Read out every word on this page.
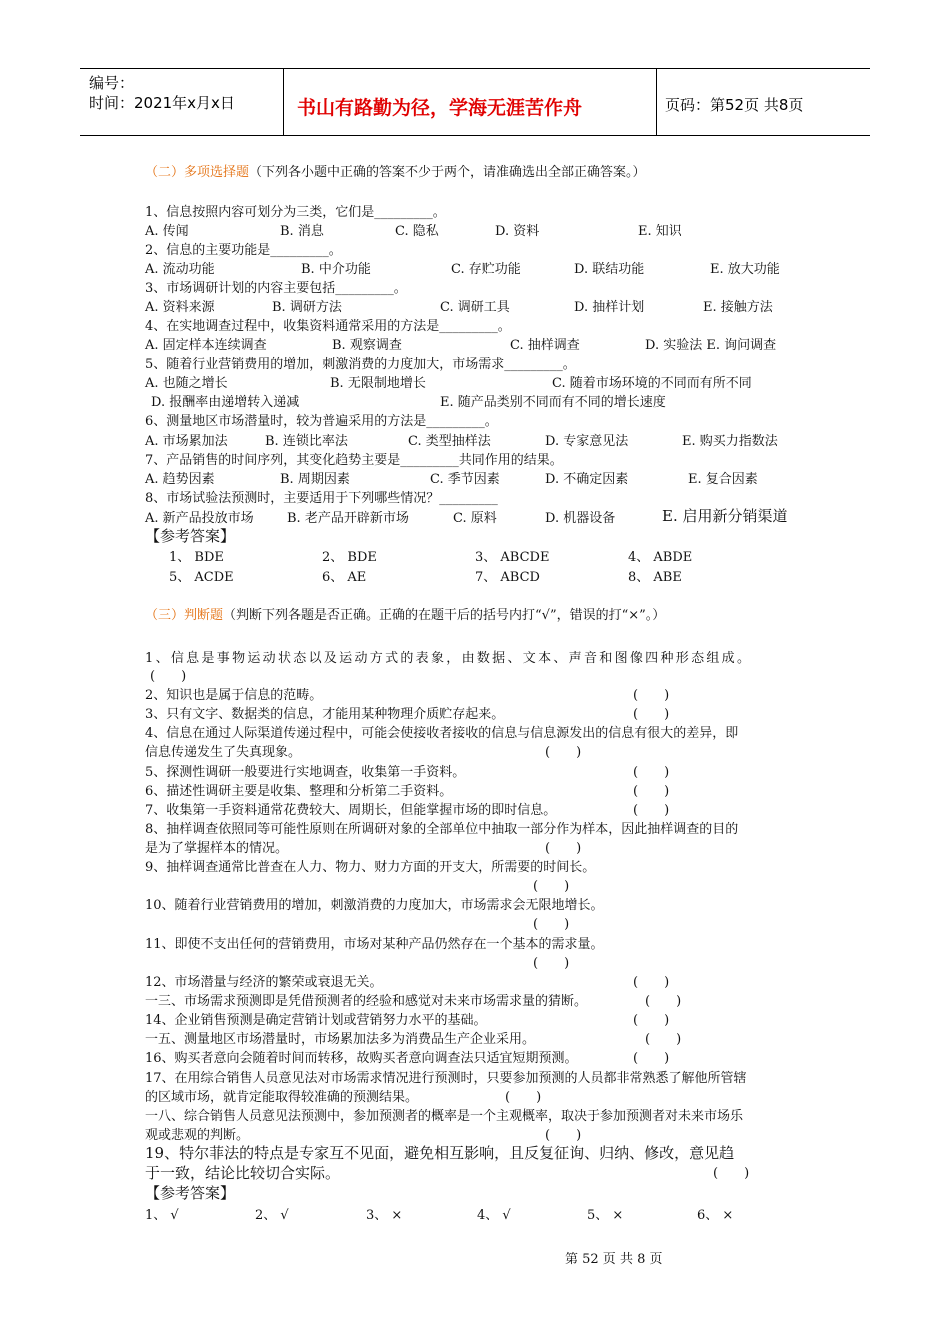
编号：
时间：2021年x月x日	书山有路勤为径，学海无涯苦作舟	页码：第52页 共8页
（二）多项选择题（下列各小题中正确的答案不少于两个，请准确选出全部正确答案。）
1、信息按照内容可划分为三类，它们是_________。
A. 传闻	B. 消息	C. 隐私	D. 资料	E. 知识
2、信息的主要功能是_________。
A. 流动功能	B. 中介功能	C. 存贮功能	D. 联结功能	E. 放大功能
3、市场调研计划的内容主要包括_________。
A. 资料来源	B. 调研方法	C. 调研工具	D. 抽样计划	E. 接触方法
4、在实地调查过程中，收集资料通常采用的方法是_________。
A. 固定样本连续调查	B. 观察调查	C. 抽样调查	D. 实验法 E. 询问调查
5、随着行业营销费用的增加，刺激消费的力度加大，市场需求_________。
A. 也随之增长	B. 无限制地增长	C. 随着市场环境的不同而有所不同
D. 报酬率由递增转入递减	E. 随产品类别不同而有不同的增长速度
6、测量地区市场潜量时，较为普遍采用的方法是_________。
A. 市场累加法	B. 连锁比率法	C. 类型抽样法	D. 专家意见法	E. 购买力指数法
7、产品销售的时间序列，其变化趋势主要是_________共同作用的结果。
A. 趋势因素	B. 周期因素	C. 季节因素	D. 不确定因素	E. 复合因素
8、市场试验法预测时，主要适用于下列哪些情况？_________
A. 新产品投放市场	B. 老产品开辟新市场	C. 原料	D. 机器设备	E. 启用新分销渠道
【参考答案】
1、 BDE	2、 BDE	3、 ABCDE	4、 ABDE
5、 ACDE	6、 AE	7、 ABCD	8、 ABE
（三）判断题（判断下列各题是否正确。正确的在题干后的括号内打“√”，错误的打“×”。）
1、信息是事物运动状态以及运动方式的表象，由数据、文本、声音和图像四种形态组成。
(　　)
2、知识也是属于信息的范畴。	(　　)
3、只有文字、数据类的信息，才能用某种物理介质贮存起来。	(　　)
4、信息在通过人际渠道传递过程中，可能会使接收者接收的信息与信息源发出的信息有很大的差异，即
信息传递发生了失真现象。	(　　)
5、探测性调研一般要进行实地调查，收集第一手资料。	(　　)
6、描述性调研主要是收集、整理和分析第二手资料。	(　　)
7、收集第一手资料通常花费较大、周期长，但能掌握市场的即时信息。	(　　)
8、抽样调查依照同等可能性原则在所调研对象的全部单位中抽取一部分作为样本，因此抽样调查的目的
是为了掌握样本的情况。	(　　)
9、抽样调查通常比普查在人力、物力、财力方面的开支大，所需要的时间长。
(　　)
10、随着行业营销费用的增加，刺激消费的力度加大，市场需求会无限地增长。
(　　)
11、即使不支出任何的营销费用，市场对某种产品仍然存在一个基本的需求量。
(　　)
12、市场潜量与经济的繁荣或衰退无关。	(　　)
一三、市场需求预测即是凭借预测者的经验和感觉对未来市场需求量的猜断。	(　　)
14、企业销售预测是确定营销计划或营销努力水平的基础。	(　　)
一五、测量地区市场潜量时，市场累加法多为消费品生产企业采用。	(　　)
16、购买者意向会随着时间而转移，故购买者意向调查法只适宜短期预测。	(　　)
17、在用综合销售人员意见法对市场需求情况进行预测时，只要参加预测的人员都非常熟悉了解他所管辖
的区域市场，就肯定能取得较准确的预测结果。	(　　)
一八、综合销售人员意见法预测中，参加预测者的概率是一个主观概率，取决于参加预测者对未来市场乐
观或悲观的判断。	(　　)
19、特尔菲法的特点是专家互不见面，避免相互影响，且反复征询、归纳、修改，意见趋
于一致，结论比较切合实际。	(　　)
【参考答案】
1、 √	2、 √	3、 ×	4、 √	5、 ×	6、 ×
第 52 页 共 8 页
